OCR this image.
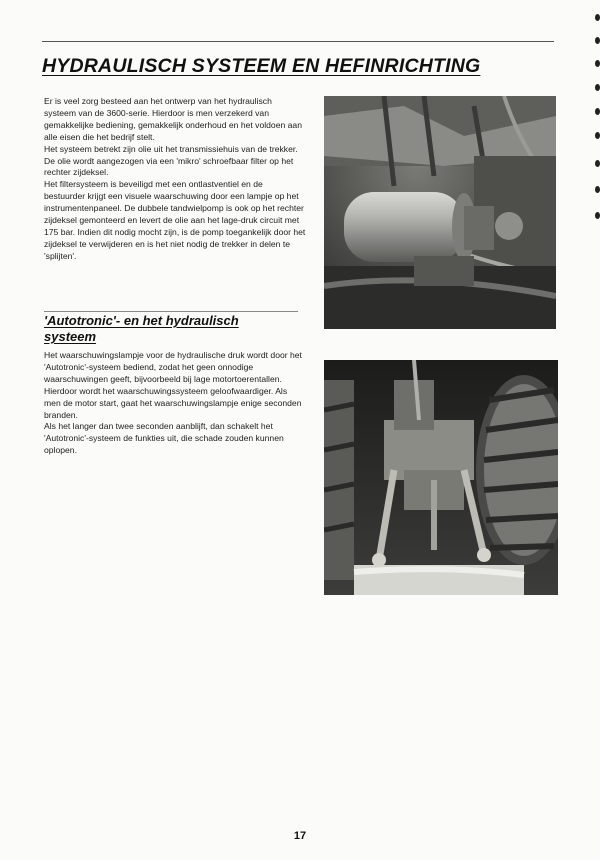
HYDRAULISCH SYSTEEM EN HEFINRICHTING

Er is veel zorg besteed aan het ontwerp van het hydraulisch systeem van de 3600-serie. Hierdoor is men verzekerd van gemakkelijke bediening, gemakkelijk onderhoud en het voldoen aan alle eisen die het bedrijf stelt.

Het systeem betrekt zijn olie uit het transmissiehuis van de trekker. De olie wordt aangezogen via een 'mikro' schroefbaar filter op het rechter zijdeksel.

Het filtersysteem is beveiligd met een ontlastventiel en de bestuurder krijgt een visuele waarschuwing door een lampje op het instrumentenpaneel. De dubbele tandwielpomp is ook op het rechter zijdeksel gemonteerd en levert de olie aan het lage-druk circuit met 175 bar. Indien dit nodig mocht zijn, is de pomp toegankelijk door het zijdeksel te verwijderen en is het niet nodig de trekker in delen te 'splijten'.

'Autotronic'- en het hydraulisch
systeem

Het waarschuwingslampje voor de hydraulische druk wordt door het 'Autotronic'-systeem bediend, zodat het geen onnodige waarschuwingen geeft, bijvoorbeeld bij lage motortoerentallen. Hierdoor wordt het waarschuwingssysteem geloofwaardiger. Als men de motor start, gaat het waarschuwingslampje enige seconden branden.

Als het langer dan twee seconden aanblijft, dan schakelt het 'Autotronic'-systeem de funkties uit, die schade zouden kunnen oplopen.

17
